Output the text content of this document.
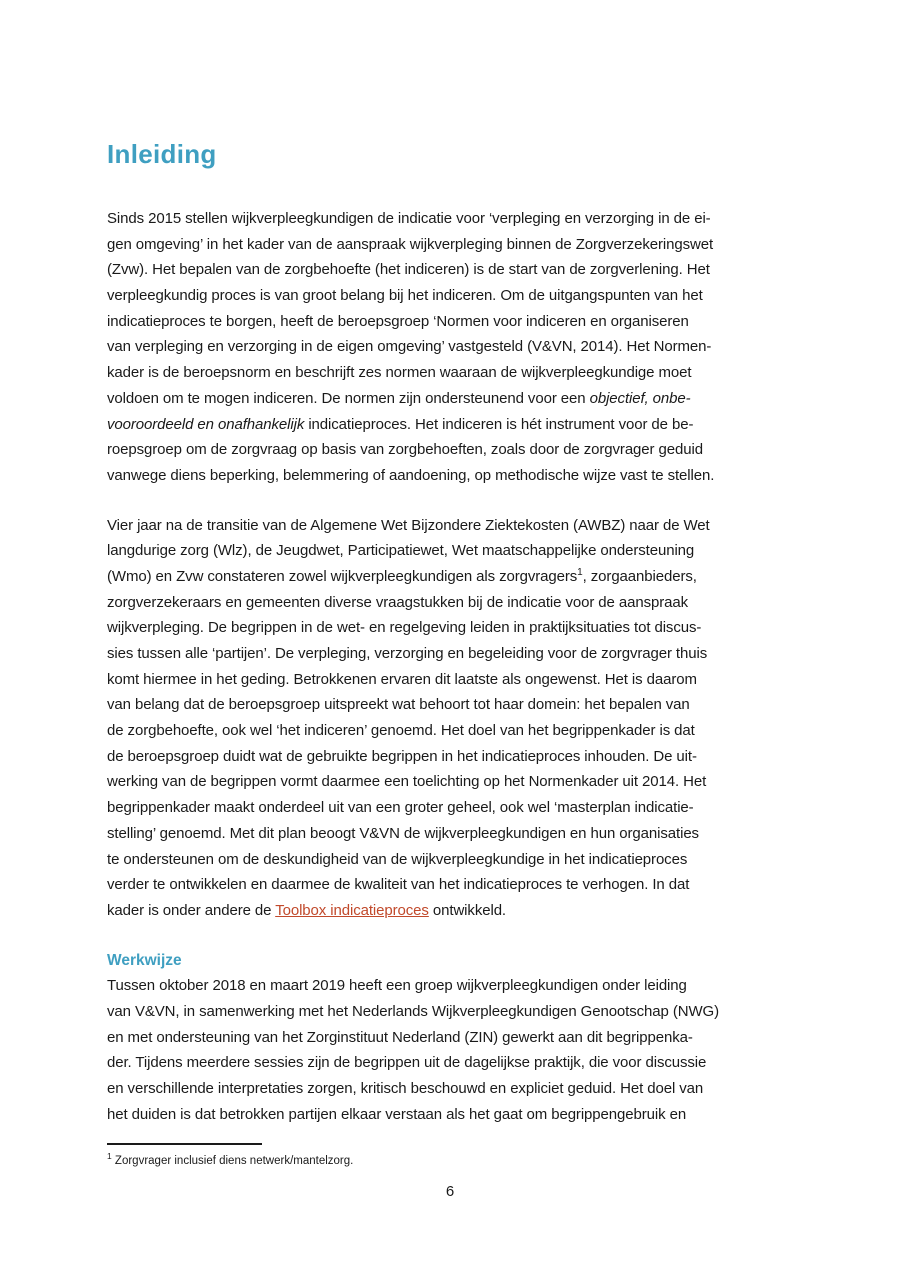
Inleiding
Sinds 2015 stellen wijkverpleegkundigen de indicatie voor ‘verpleging en verzorging in de ei-
gen omgeving’ in het kader van de aanspraak wijkverpleging binnen de Zorgverzekeringswet
(Zvw). Het bepalen van de zorgbehoefte (het indiceren) is de start van de zorgverlening. Het
verpleegkundig proces is van groot belang bij het indiceren. Om de uitgangspunten van het
indicatieproces te borgen, heeft de beroepsgroep ‘Normen voor indiceren en organiseren
van verpleging en verzorging in de eigen omgeving’ vastgesteld (V&VN, 2014). Het Normen-
kader is de beroepsnorm en beschrijft zes normen waaraan de wijkverpleegkundige moet
voldoen om te mogen indiceren. De normen zijn ondersteunend voor een objectief, onbe-
vooroordeeld en onafhankelijk indicatieproces. Het indiceren is hét instrument voor de be-
roepsgroep om de zorgvraag op basis van zorgbehoeften, zoals door de zorgvrager geduid
vanwege diens beperking, belemmering of aandoening, op methodische wijze vast te stellen.
Vier jaar na de transitie van de Algemene Wet Bijzondere Ziektekosten (AWBZ) naar de Wet
langdurige zorg (Wlz), de Jeugdwet, Participatiewet, Wet maatschappelijke ondersteuning
(Wmo) en Zvw constateren zowel wijkverpleegkundigen als zorgvragers$^1$, zorgaanbieders,
zorgverzekeraars en gemeenten diverse vraagstukken bij de indicatie voor de aanspraak
wijkverpleging. De begrippen in de wet- en regelgeving leiden in praktijksituaties tot discus-
sies tussen alle ‘partijen’. De verpleging, verzorging en begeleiding voor de zorgvrager thuis
komt hiermee in het geding. Betrokkenen ervaren dit laatste als ongewenst. Het is daarom
van belang dat de beroepsgroep uitspreekt wat behoort tot haar domein: het bepalen van
de zorgbehoefte, ook wel ‘het indiceren’ genoemd. Het doel van het begrippenkader is dat
de beroepsgroep duidt wat de gebruikte begrippen in het indicatieproces inhouden. De uit-
werking van de begrippen vormt daarmee een toelichting op het Normenkader uit 2014. Het
begrippenkader maakt onderdeel uit van een groter geheel, ook wel ‘masterplan indicatie-
stelling’ genoemd. Met dit plan beoogt V&VN de wijkverpleegkundigen en hun organisaties
te ondersteunen om de deskundigheid van de wijkverpleegkundige in het indicatieproces
verder te ontwikkelen en daarmee de kwaliteit van het indicatieproces te verhogen. In dat
kader is onder andere de Toolbox indicatieproces ontwikkeld.
Werkwijze
Tussen oktober 2018 en maart 2019 heeft een groep wijkverpleegkundigen onder leiding
van V&VN, in samenwerking met het Nederlands Wijkverpleegkundigen Genootschap (NWG)
en met ondersteuning van het Zorginstituut Nederland (ZIN) gewerkt aan dit begrippenka-
der. Tijdens meerdere sessies zijn de begrippen uit de dagelijkse praktijk, die voor discussie
en verschillende interpretaties zorgen, kritisch beschouwd en expliciet geduid. Het doel van
het duiden is dat betrokken partijen elkaar verstaan als het gaat om begrippengebruik en
$^1$ Zorgvrager inclusief diens netwerk/mantelzorg.
6
